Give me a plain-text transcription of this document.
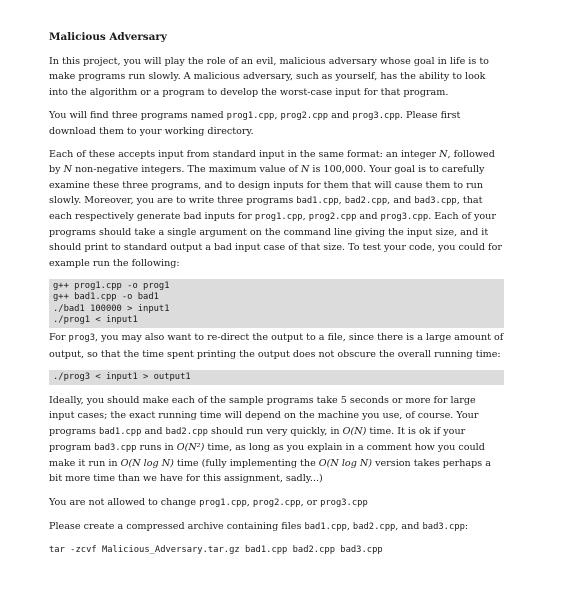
Malicious Adversary

In this project, you will play the role of an evil, malicious adversary whose goal in life is to make programs run slowly. A malicious adversary, such as yourself, has the ability to look into the algorithm or a program to develop the worst-case input for that program.

You will find three programs named prog1.cpp, prog2.cpp and prog3.cpp. Please first download them to your working directory.

Each of these accepts input from standard input in the same format: an integer N, followed by N non-negative integers. The maximum value of N is 100,000. Your goal is to carefully examine these three programs, and to design inputs for them that will cause them to run slowly. Moreover, you are to write three programs bad1.cpp, bad2.cpp, and bad3.cpp, that each respectively generate bad inputs for prog1.cpp, prog2.cpp and prog3.cpp. Each of your programs should take a single argument on the command line giving the input size, and it should print to standard output a bad input case of that size. To test your code, you could for example run the following:

g++ prog1.cpp -o prog1
g++ bad1.cpp -o bad1
./bad1 100000 > input1
./prog1 < input1

For prog3, you may also want to re-direct the output to a file, since there is a large amount of output, so that the time spent printing the output does not obscure the overall running time:

./prog3 < input1 > output1

Ideally, you should make each of the sample programs take 5 seconds or more for large input cases; the exact running time will depend on the machine you use, of course. Your programs bad1.cpp and bad2.cpp should run very quickly, in O(N) time. It is ok if your program bad3.cpp runs in O(N²) time, as long as you explain in a comment how you could make it run in O(N log N) time (fully implementing the O(N log N) version takes perhaps a bit more time than we have for this assignment, sadly...)

You are not allowed to change prog1.cpp, prog2.cpp, or prog3.cpp

Please create a compressed archive containing files bad1.cpp, bad2.cpp, and bad3.cpp:

tar -zcvf Malicious_Adversary.tar.gz bad1.cpp bad2.cpp bad3.cpp
